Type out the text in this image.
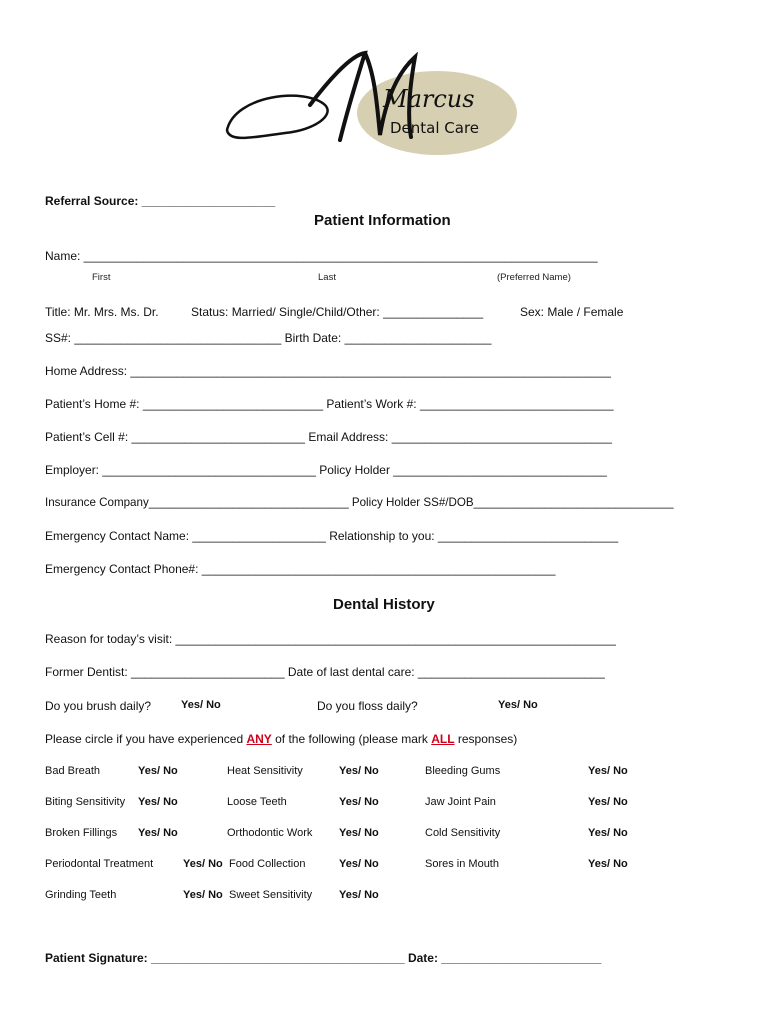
Marcus
Dental Care
Referral Source: ____________________
Patient Information
Name: _____________________________________________________________________________
First	Last	(Preferred Name)
Title: Mr. Mrs. Ms. Dr.	Status: Married/ Single/Child/Other: _______________	Sex: Male / Female
SS#: _______________________________ Birth Date: ______________________
Home Address: ________________________________________________________________________
Patient’s Home #: ___________________________ Patient’s Work #: _____________________________
Patient’s Cell #: __________________________ Email Address: _________________________________
Employer: ________________________________ Policy Holder ________________________________
Insurance Company_______________________________ Policy Holder SS#/DOB_______________________________
Emergency Contact Name: ____________________ Relationship to you: ___________________________
Emergency Contact Phone#: _____________________________________________________
Dental History
Reason for today’s visit: __________________________________________________________________
Former Dentist: _______________________ Date of last dental care: ____________________________
Do you brush daily?	Yes/ No	Do you floss daily?	Yes/ No
Please circle if you have experienced ANY of the following (please mark ALL responses)
Bad Breath	Yes/ No	Heat Sensitivity	Yes/ No	Bleeding Gums	Yes/ No
Biting Sensitivity Yes/ No	Loose Teeth	Yes/ No	Jaw Joint Pain	Yes/ No
Broken Fillings Yes/ No	Orthodontic Work Yes/ No	Cold Sensitivity	Yes/ No
Periodontal Treatment	Yes/ No Food Collection	Yes/ No	Sores in Mouth	Yes/ No
Grinding Teeth	Yes/ No Sweet Sensitivity Yes/ No
Patient Signature: ______________________________________ Date: ________________________
